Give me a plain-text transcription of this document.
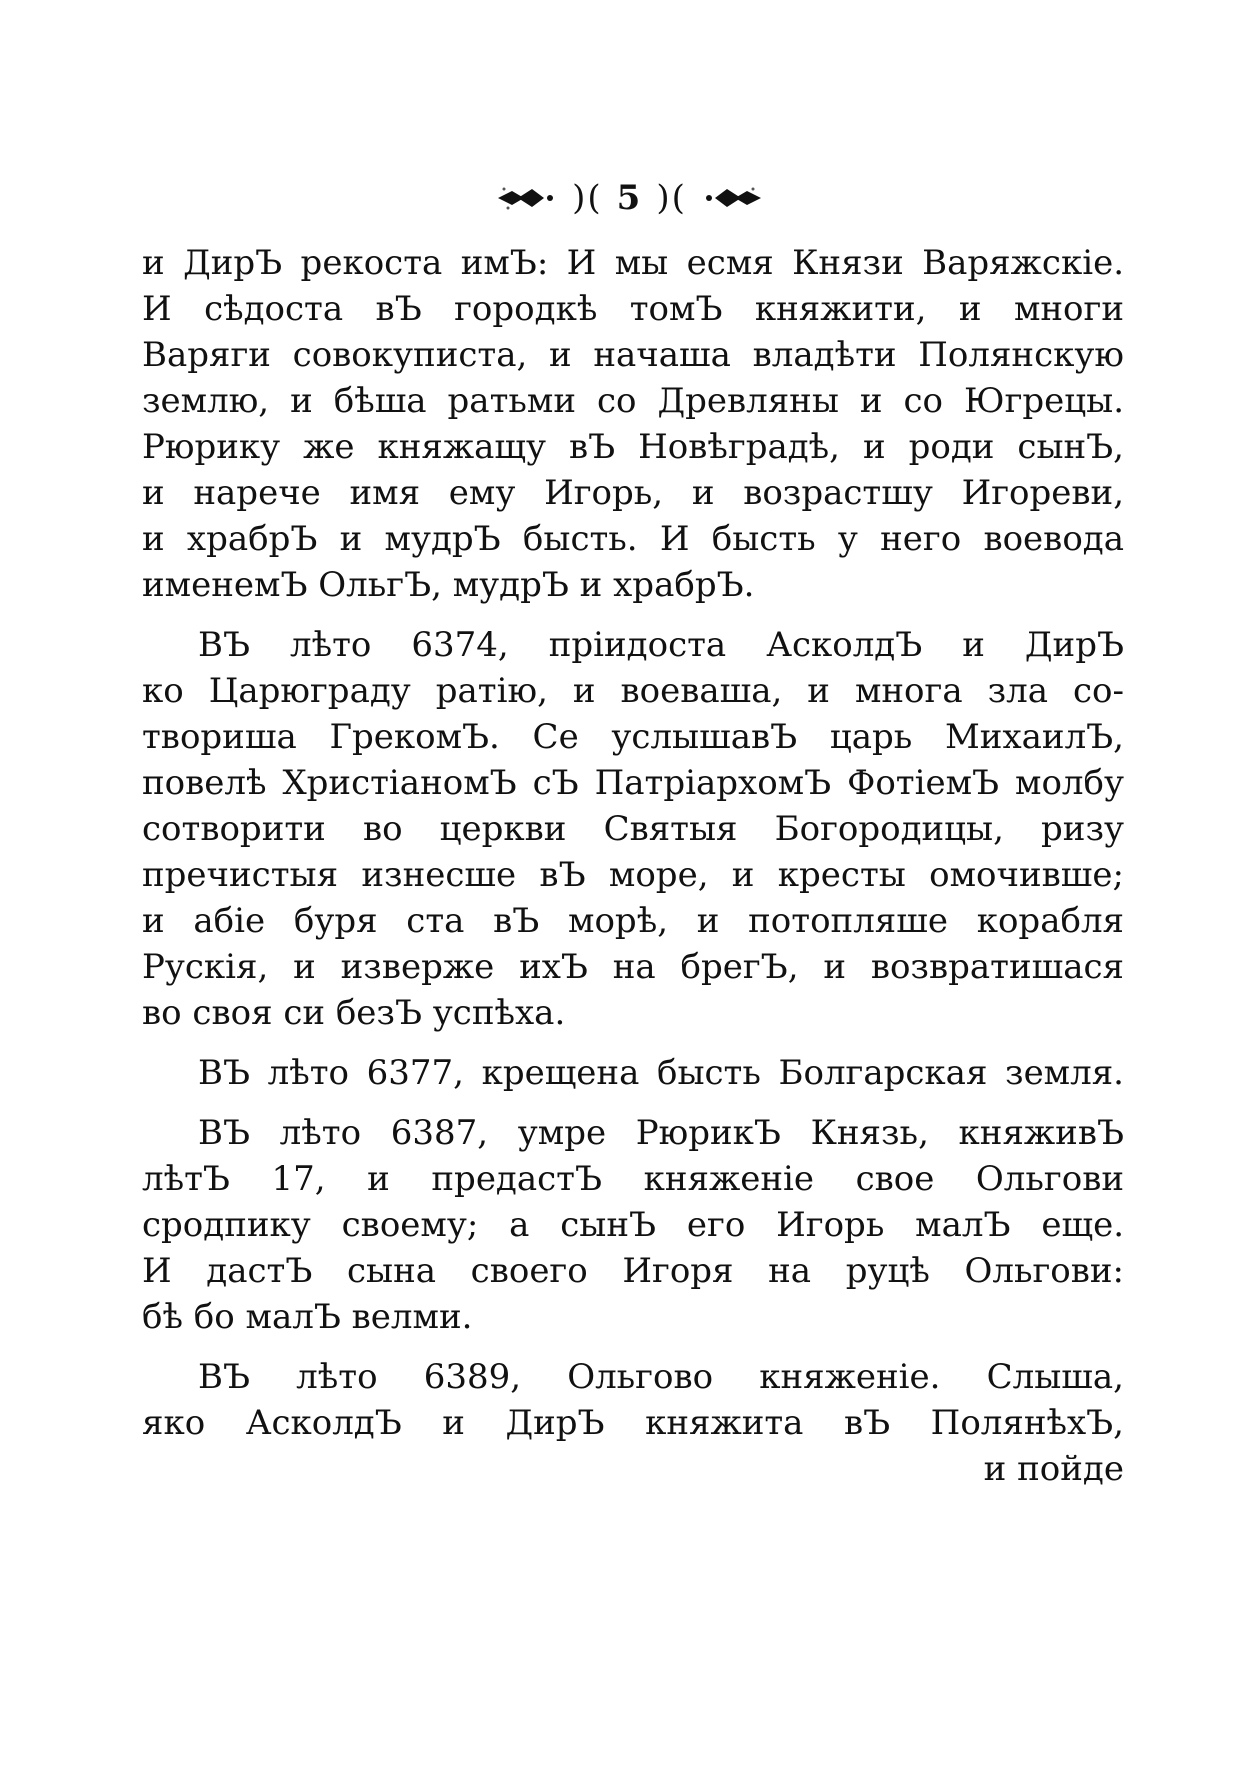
)( 5 )(
и ДирЪ рекоста имЪ: И мы есмя Князи Варяжскіе.
И сѣдоста вЪ городкѣ томЪ княжити, и многи
Варяги совокуписта, и начаша владѣти Полянскую
землю, и бѣша ратьми со Древляны и со Югрецы.
Рюрику же княжащу вЪ Новѣградѣ, и роди сынЪ,
и нарече имя ему Игорь, и возрастшу Игореви,
и храбрЪ и мудрЪ бысть. И бысть у него воевода
именемЪ ОльгЪ, мудрЪ и храбрЪ.
ВЪ лѣто 6374, пріидоста АсколдЪ и ДирЪ
ко Царюграду ратію, и воеваша, и многа зла со-
твориша ГрекомЪ. Се услышавЪ царь МихаилЪ,
повелѣ ХристіаномЪ сЪ ПатріархомЪ ФотіемЪ молбу
сотворити во церкви Святыя Богородицы, ризу
пречистыя изнесше вЪ море, и кресты омочивше;
и абіе буря ста вЪ морѣ, и потопляше корабля
Рускія, и изверже ихЪ на брегЪ, и возвратишася
во своя си безЪ успѣха.
ВЪ лѣто 6377, крещена бысть Болгарская земля.
ВЪ лѣто 6387, умре РюрикЪ Князь, княживЪ
лѣтЪ 17, и предастЪ княженіе свое Ольгови
сродпику своему; а сынЪ его Игорь малЪ еще.
И дастЪ сына своего Игоря на руцѣ Ольгови:
бѣ бо малЪ велми.
ВЪ лѣто 6389, Ольгово княженіе. Слыша,
яко АсколдЪ и ДирЪ княжита вЪ ПолянѣхЪ,
и пойде
